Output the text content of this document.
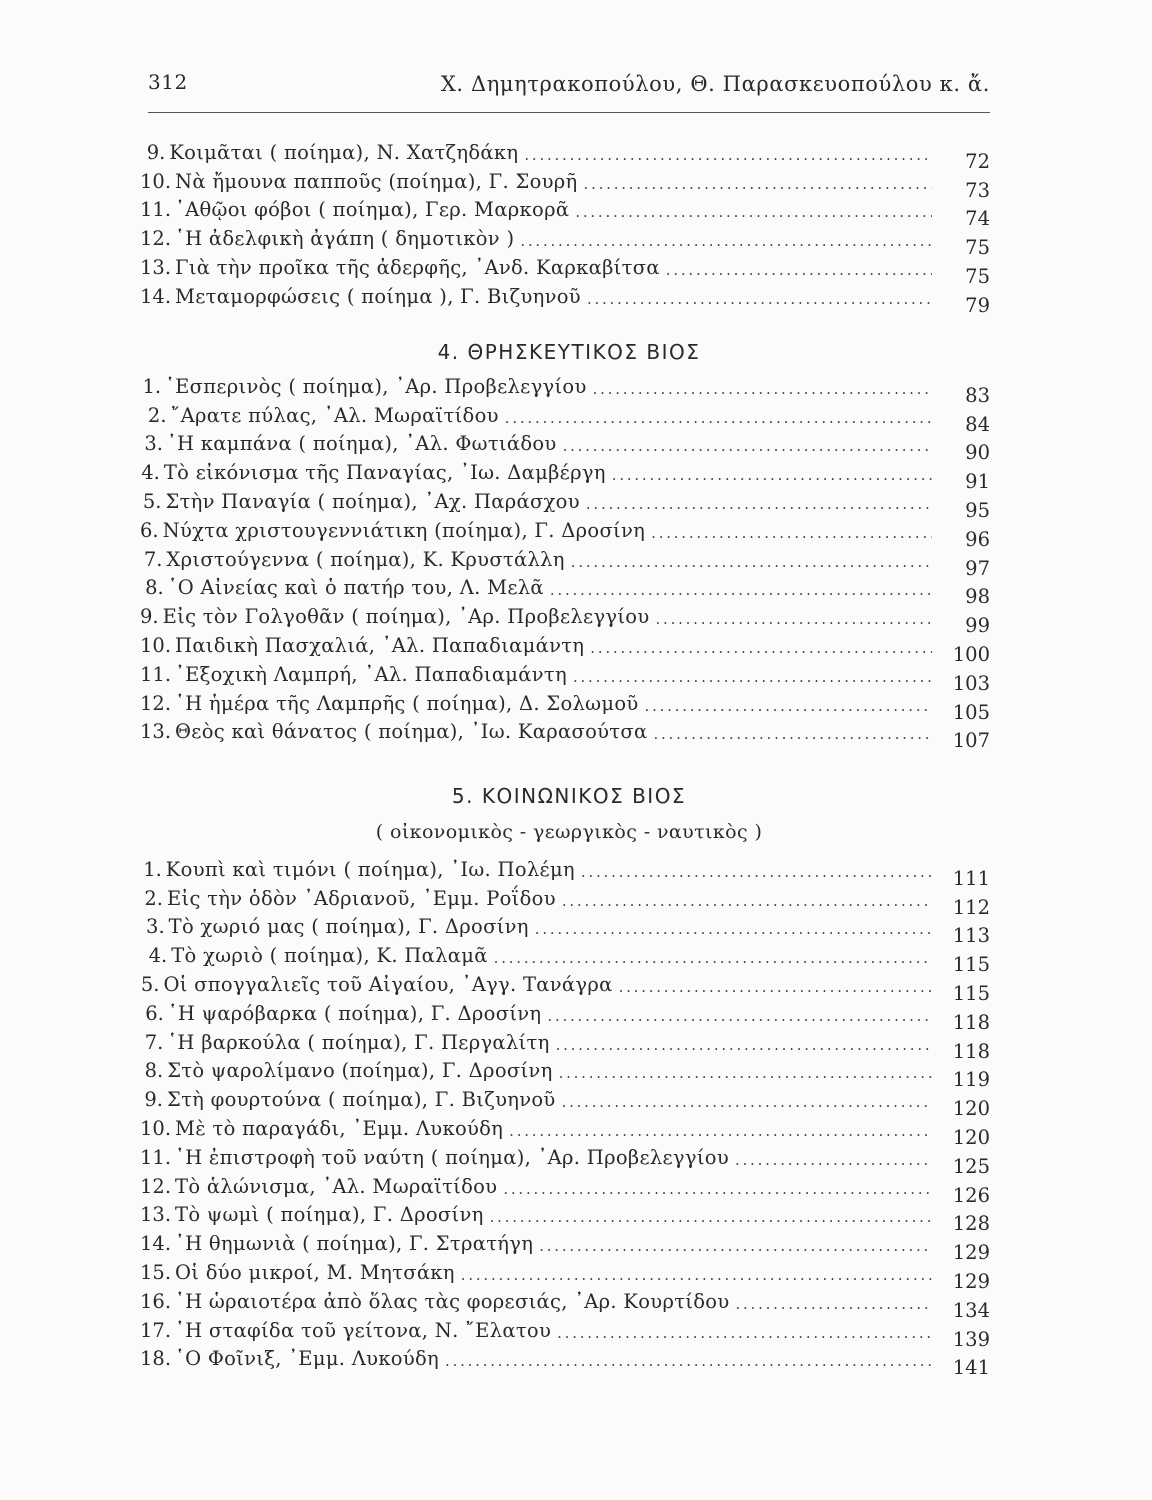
312	Χ. Δημητρακοπούλου, Θ. Παρασκευοπούλου κ. ἄ.
9. Κοιμᾶται ( ποίημα), Ν. Χατζηδάκη . . .	72
10. Νὰ ἤμουνα παπποῦς (ποίημα), Γ. Σουρῆ . . .	73
11. ᾽Αθῷοι φόβοι ( ποίημα), Γερ. Μαρκορᾶ . . .	74
12. ῾Η ἀδελφικὴ ἀγάπη ( δημοτικὸν ) . . .	75
13. Γιὰ τὴν προῖκα τῆς ἀδερφῆς, ᾽Ανδ. Καρκαβίτσα . . .	75
14. Μεταμορφώσεις ( ποίημα ), Γ. Βιζυηνοῦ . . .	79
4. ΘΡΗΣΚΕΥΤΙΚΟΣ ΒΙΟΣ
1. ῾Εσπερινὸς ( ποίημα), ᾽Αρ. Προβελεγγίου . . .	83
2. ῎Αρατε πύλας, ᾽Αλ. Μωραϊτίδου . . .	84
3. ῾Η καμπάνα ( ποίημα), ᾽Αλ. Φωτιάδου . . .	90
4. Τὸ εἰκόνισμα τῆς Παναγίας, ᾽Ιω. Δαμβέργη . . .	91
5. Στὴν Παναγία ( ποίημα), ᾽Αχ. Παράσχου . . .	95
6. Νύχτα χριστουγεννιάτικη (ποίημα), Γ. Δροσίνη . . .	96
7. Χριστούγεννα ( ποίημα), Κ. Κρυστάλλη . . .	97
8. ῾Ο Αἰνείας καὶ ὁ πατήρ του, Λ. Μελᾶ . . .	98
9. Εἰς τὸν Γολγοθᾶν ( ποίημα), ᾽Αρ. Προβελεγγίου . . .	99
10. Παιδικὴ Πασχαλιά, ᾽Αλ. Παπαδιαμάντη . . .	100
11. ᾽Εξοχικὴ Λαμπρή, ᾽Αλ. Παπαδιαμάντη . . .	103
12. ῾Η ἡμέρα τῆς Λαμπρῆς ( ποίημα), Δ. Σολωμοῦ . . .	105
13. Θεὸς καὶ θάνατος ( ποίημα), ᾽Ιω. Καρασούτσα . . .	107
5. ΚΟΙΝΩΝΙΚΟΣ ΒΙΟΣ
( οἰκονομικὸς - γεωργικὸς - ναυτικὸς )
1. Κουπὶ καὶ τιμόνι ( ποίημα), ᾽Ιω. Πολέμη . . .	111
2. Εἰς τὴν ὁδὸν ᾽Αδριανοῦ, ᾽Εμμ. Ροΐδου . . .	112
3. Τὸ χωριό μας ( ποίημα), Γ. Δροσίνη . . .	113
4. Τὸ χωριὸ ( ποίημα), Κ. Παλαμᾶ . . .	115
5. Οἱ σπογγαλιεῖς τοῦ Αἰγαίου, ᾽Αγγ. Τανάγρα . . .	115
6. ῾Η ψαρόβαρκα ( ποίημα), Γ. Δροσίνη . . .	118
7. ῾Η βαρκούλα ( ποίημα), Γ. Περγαλίτη . . .	118
8. Στὸ ψαρολίμανο (ποίημα), Γ. Δροσίνη . . .	119
9. Στὴ φουρτούνα ( ποίημα), Γ. Βιζυηνοῦ . . .	120
10. Μὲ τὸ παραγάδι, ᾽Εμμ. Λυκούδη . . .	120
11. ῾Η ἐπιστροφὴ τοῦ ναύτη ( ποίημα), ᾽Αρ. Προβελεγγίου . . .	125
12. Τὸ ἁλώνισμα, ᾽Αλ. Μωραϊτίδου . . .	126
13. Τὸ ψωμὶ ( ποίημα), Γ. Δροσίνη . . .	128
14. ῾Η θημωνιὰ ( ποίημα), Γ. Στρατήγη . . .	129
15. Οἱ δύο μικροί, Μ. Μητσάκη . . .	129
16. ῾Η ὡραιοτέρα ἀπὸ ὅλας τὰς φορεσιάς, ᾽Αρ. Κουρτίδου . . .	134
17. ῾Η σταφίδα τοῦ γείτονα, Ν. ῎Ελατου . . .	139
18. ῾Ο Φοῖνιξ, ᾽Εμμ. Λυκούδη . . .	141
